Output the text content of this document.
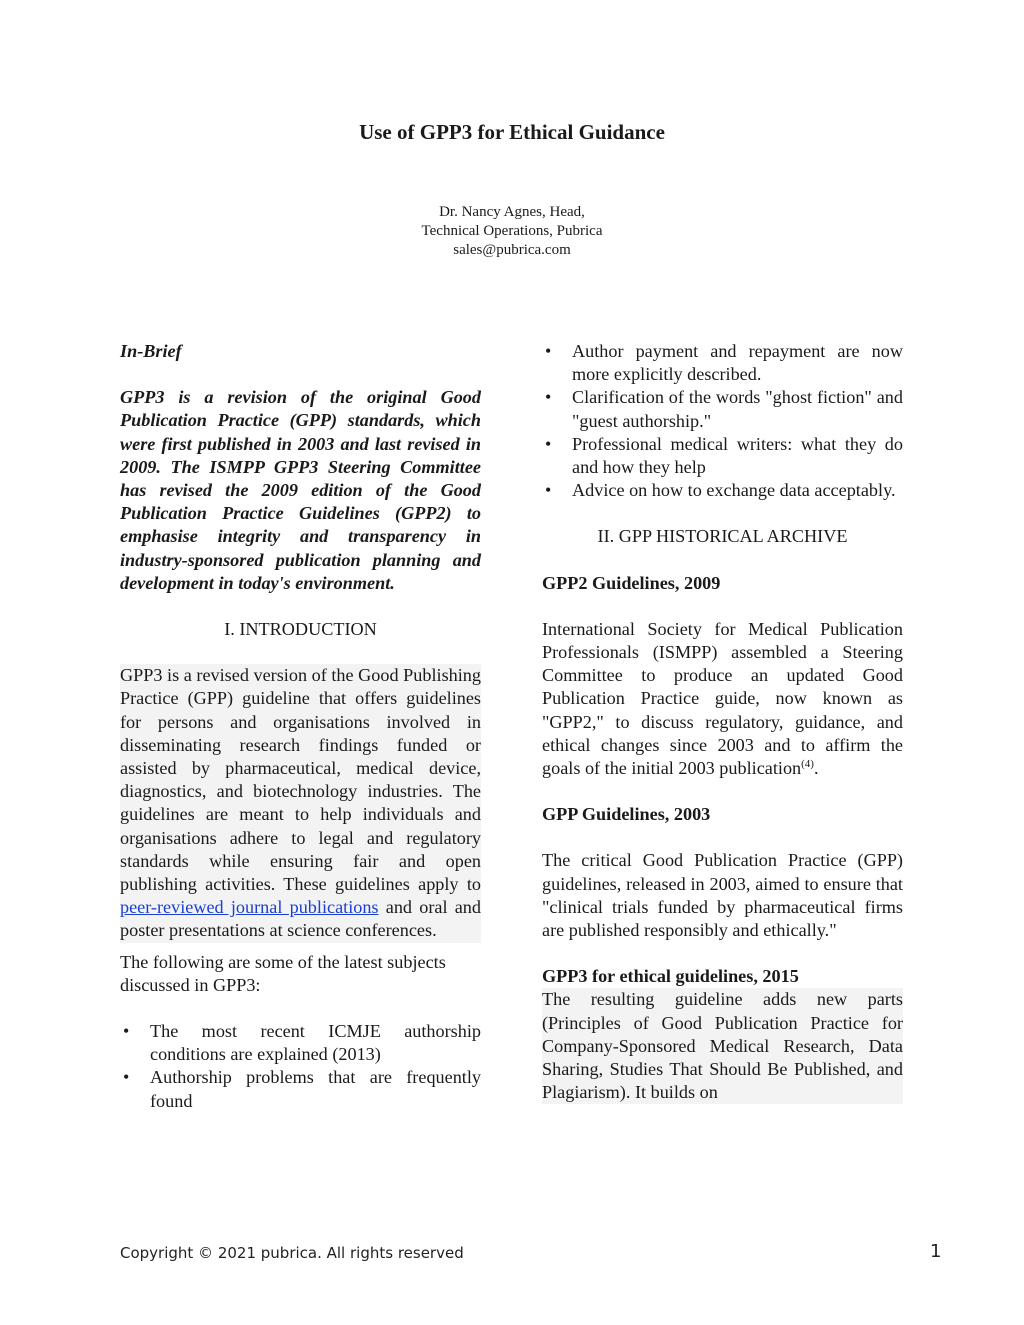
Use of GPP3 for Ethical Guidance
Dr. Nancy Agnes, Head,
Technical Operations, Pubrica
sales@pubrica.com

In-Brief

GPP3 is a revision of the original Good Publication Practice (GPP) standards, which were first published in 2003 and last revised in 2009. The ISMPP GPP3 Steering Committee has revised the 2009 edition of the Good Publication Practice Guidelines (GPP2) to emphasise integrity and transparency in industry-sponsored publication planning and development in today's environment.

I. INTRODUCTION

GPP3 is a revised version of the Good Publishing Practice (GPP) guideline that offers guidelines for persons and organisations involved in disseminating research findings funded or assisted by pharmaceutical, medical device, diagnostics, and biotechnology industries. The guidelines are meant to help individuals and organisations adhere to legal and regulatory standards while ensuring fair and open publishing activities. These guidelines apply to peer-reviewed journal publications and oral and poster presentations at science conferences.

The following are some of the latest subjects discussed in GPP3:

• The most recent ICMJE authorship conditions are explained (2013)
• Authorship problems that are frequently found
• Author payment and repayment are now more explicitly described.
• Clarification of the words "ghost fiction" and "guest authorship."
• Professional medical writers: what they do and how they help
• Advice on how to exchange data acceptably.

II. GPP HISTORICAL ARCHIVE

GPP2 Guidelines, 2009

International Society for Medical Publication Professionals (ISMPP) assembled a Steering Committee to produce an updated Good Publication Practice guide, now known as "GPP2," to discuss regulatory, guidance, and ethical changes since 2003 and to affirm the goals of the initial 2003 publication$^{(4)}$.

GPP Guidelines, 2003

The critical Good Publication Practice (GPP) guidelines, released in 2003, aimed to ensure that "clinical trials funded by pharmaceutical firms are published responsibly and ethically."

GPP3 for ethical guidelines, 2015

The resulting guideline adds new parts (Principles of Good Publication Practice for Company-Sponsored Medical Research, Data Sharing, Studies That Should Be Published, and Plagiarism). It builds on

Copyright © 2021 pubrica. All rights reserved	1
